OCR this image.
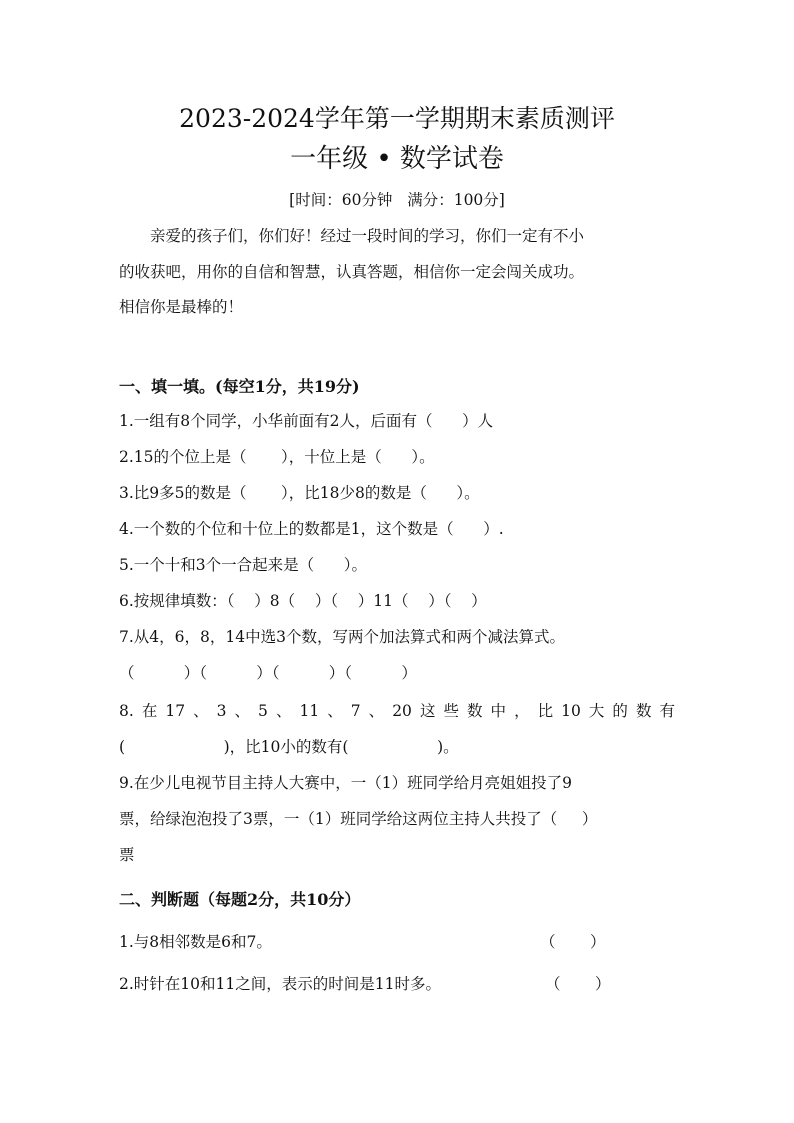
2023-2024学年第一学期期末素质测评
一年级 • 数学试卷
[时间：60分钟   满分：100分]
亲爱的孩子们，你们好！经过一段时间的学习，你们一定有不小
的收获吧，用你的自信和智慧，认真答题，相信你一定会闯关成功。
相信你是最棒的！
一、填一填。(每空1分，共19分)
1.一组有8个同学，小华前面有2人，后面有（      ）人
2.15的个位上是（       ），十位上是（      ）。
3.比9多5的数是（       ），比18少8的数是（      ）。
4.一个数的个位和十位上的数都是1，这个数是（      ）.
5.一个十和3个一合起来是（      ）。
6.按规律填数：（    ）8（    ）（    ）11（    ）（    ）
7.从4，6，8，14中选3个数，写两个加法算式和两个减法算式。
（          ）（          ）（          ）（          ）
8.在17、3、5、11、7、20这些数中，比10大的数有
(                    )，比10小的数有(                  )。
9.在少儿电视节目主持人大赛中，一（1）班同学给月亮姐姐投了9
票，给绿泡泡投了3票，一（1）班同学给这两位主持人共投了（     ）
票
二、判断题（每题2分，共10分）
1.与8相邻数是6和7。	（       ）
2.时针在10和11之间，表示的时间是11时多。	（       ）
